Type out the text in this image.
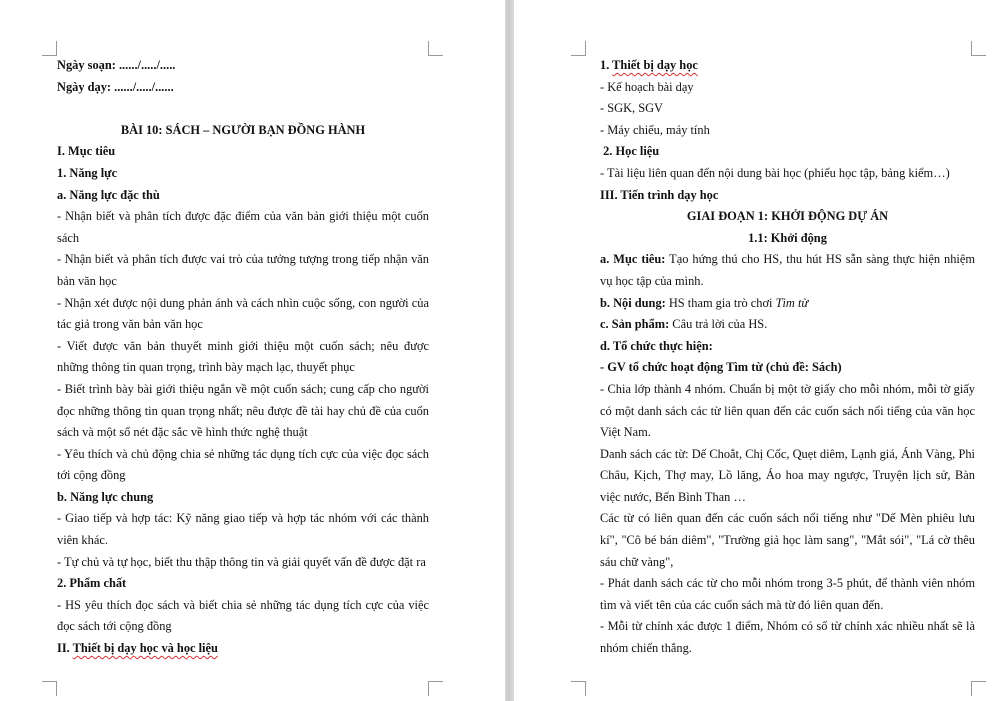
Ngày soạn: ....../...../.....

Ngày dạy: ....../...../......

BÀI 10: SÁCH – NGƯỜI BẠN ĐỒNG HÀNH

I. Mục tiêu

1. Năng lực

a. Năng lực đặc thù

- Nhận biết và phân tích được đặc điểm của văn bản giới thiệu một cuốn sách

- Nhận biết và phân tích được vai trò của tưởng tượng trong tiếp nhận văn bản văn học

- Nhận xét được nội dung phản ánh và cách nhìn cuộc sống, con người của tác giả trong văn bản văn học

- Viết được văn bản thuyết minh giới thiệu một cuốn sách; nêu được những thông tin quan trọng, trình bày mạch lạc, thuyết phục

- Biết trình bày bài giới thiệu ngắn về một cuốn sách; cung cấp cho người đọc những thông tin quan trọng nhất; nêu được đề tài hay chủ đề của cuốn sách và một số nét đặc sắc về hình thức nghệ thuật

- Yêu thích và chủ động chia sẻ những tác dụng tích cực của việc đọc sách tới cộng đồng

b. Năng lực chung

- Giao tiếp và hợp tác: Kỹ năng giao tiếp và hợp tác nhóm với các thành viên khác.

- Tự chủ và tự học, biết thu thập thông tin và giải quyết vấn đề được đặt ra

2. Phẩm chất

- HS yêu thích đọc sách và biết chia sẻ những tác dụng tích cực của việc đọc sách tới cộng đồng

II. Thiết bị dạy học và học liệu

1. Thiết bị dạy học

- Kế hoạch bài dạy

- SGK, SGV

- Máy chiếu, máy tính

2. Học liệu

- Tài liệu liên quan đến nội dung bài học (phiếu học tập, bảng kiểm…)

III. Tiến trình dạy học

GIAI ĐOẠN 1: KHỞI ĐỘNG DỰ ÁN

1.1: Khởi động

a. Mục tiêu: Tạo hứng thú cho HS, thu hút HS sẵn sàng thực hiện nhiệm vụ học tập của mình.

b. Nội dung: HS tham gia trò chơi Tìm từ

c. Sản phẩm: Câu trả lời của HS.

d. Tổ chức thực hiện:

- GV tổ chức hoạt động Tìm từ (chủ đề: Sách)

- Chia lớp thành 4 nhóm. Chuẩn bị một tờ giấy cho mỗi nhóm, mỗi tờ giấy có một danh sách các từ liên quan đến các cuốn sách nổi tiếng của văn học Việt Nam.

Danh sách các từ: Dế Choắt, Chị Cốc, Quẹt diêm, Lạnh giá, Ánh Vàng, Phi Châu, Kịch, Thợ may, Lồ lăng, Áo hoa may ngược, Truyện lịch sử, Bàn việc nước, Bến Bình Than …

Các từ có liên quan đến các cuốn sách nổi tiếng như "Dế Mèn phiêu lưu kí", "Cô bé bán diêm", "Trường giả học làm sang", "Mắt sói", "Lá cờ thêu sáu chữ vàng",

- Phát danh sách các từ cho mỗi nhóm trong 3-5 phút, để thành viên nhóm tìm và viết tên của các cuốn sách mà từ đó liên quan đến.

- Mỗi từ chính xác được 1 điểm, Nhóm có số từ chính xác nhiều nhất sẽ là nhóm chiến thắng.
